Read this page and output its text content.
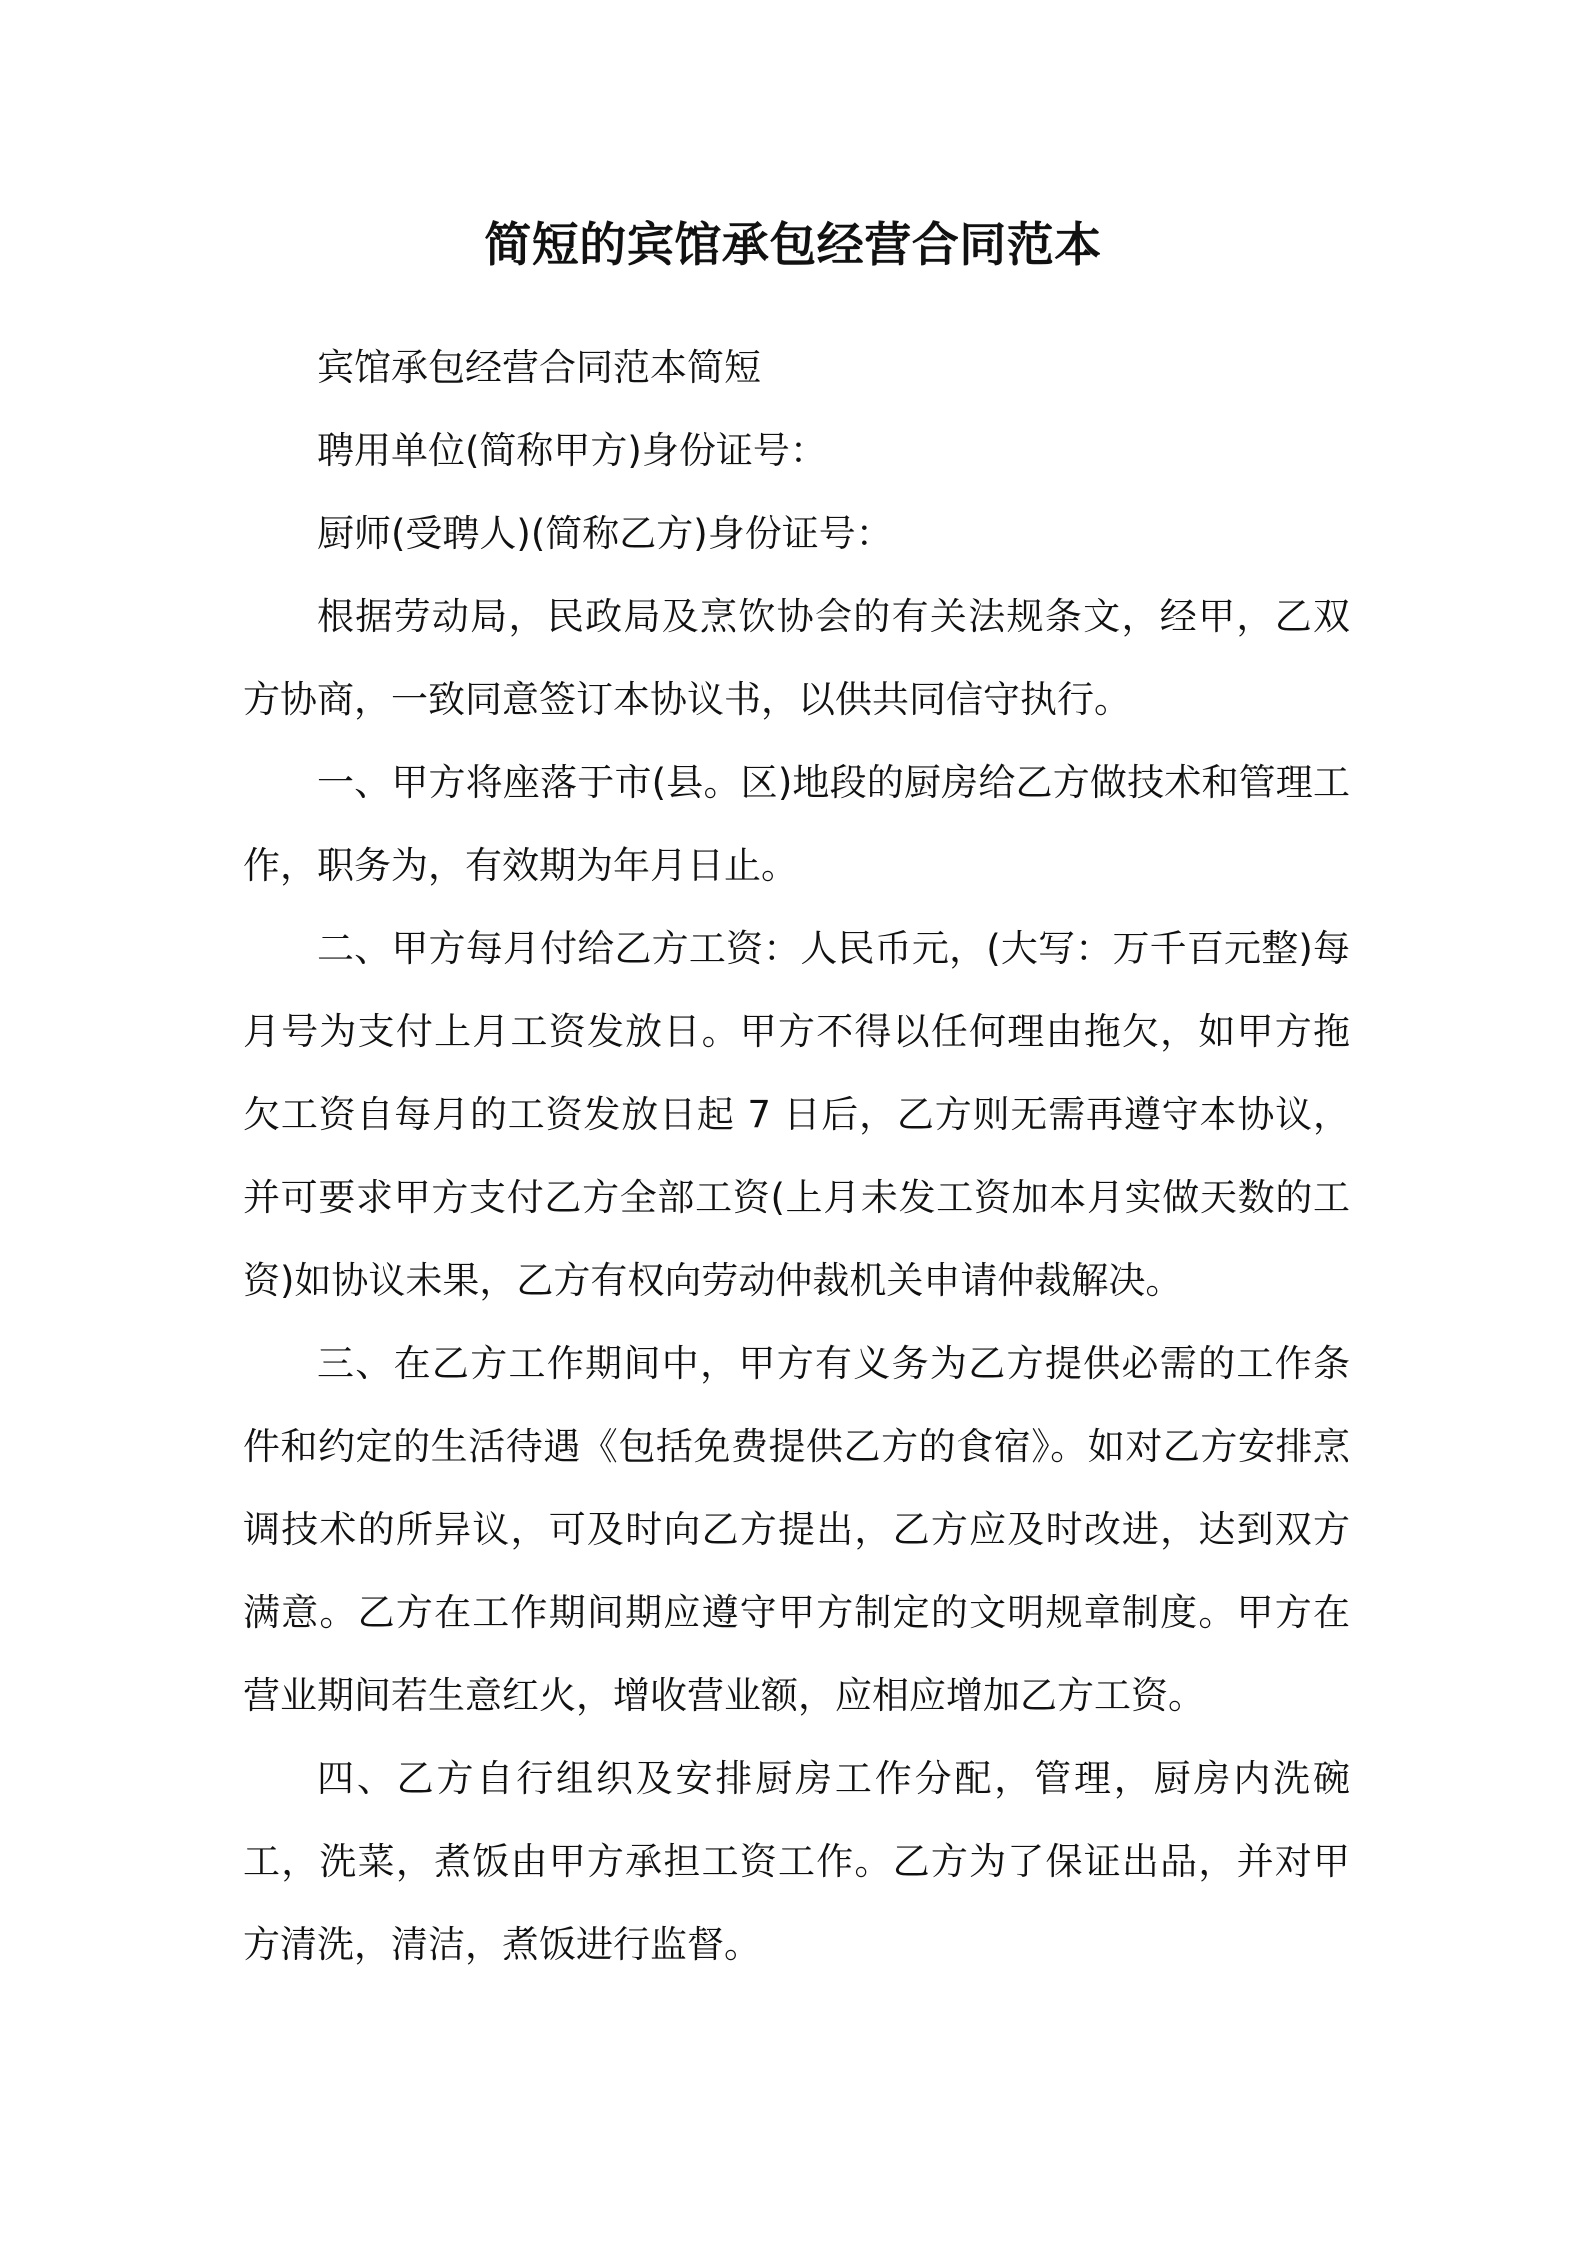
简短的宾馆承包经营合同范本

宾馆承包经营合同范本简短

聘用单位(简称甲方)身份证号：

厨师(受聘人)(简称乙方)身份证号：

根据劳动局，民政局及烹饮协会的有关法规条文，经甲，乙双方协商，一致同意签订本协议书，以供共同信守执行。

一、甲方将座落于市(县。区)地段的厨房给乙方做技术和管理工作，职务为，有效期为年月日止。

二、甲方每月付给乙方工资：人民币元，(大写：万千百元整)每月号为支付上月工资发放日。甲方不得以任何理由拖欠，如甲方拖欠工资自每月的工资发放日起 7 日后，乙方则无需再遵守本协议，并可要求甲方支付乙方全部工资(上月未发工资加本月实做天数的工资)如协议未果，乙方有权向劳动仲裁机关申请仲裁解决。

三、在乙方工作期间中，甲方有义务为乙方提供必需的工作条件和约定的生活待遇《包括免费提供乙方的食宿》。如对乙方安排烹调技术的所异议，可及时向乙方提出，乙方应及时改进，达到双方满意。乙方在工作期间期应遵守甲方制定的文明规章制度。甲方在营业期间若生意红火，增收营业额，应相应增加乙方工资。

四、乙方自行组织及安排厨房工作分配，管理，厨房内洗碗工，洗菜，煮饭由甲方承担工资工作。乙方为了保证出品，并对甲方清洗，清洁，煮饭进行监督。
